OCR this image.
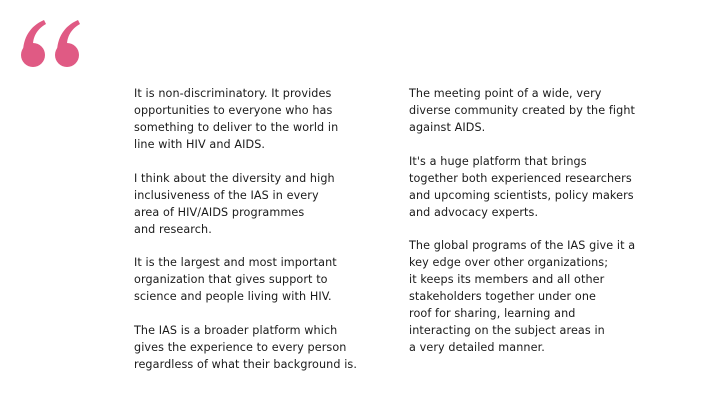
It is non-discriminatory. It provides
opportunities to everyone who has
something to deliver to the world in
line with HIV and AIDS.

I think about the diversity and high
inclusiveness of the IAS in every
area of HIV/AIDS programmes
and research.

It is the largest and most important
organization that gives support to
science and people living with HIV.

The IAS is a broader platform which
gives the experience to every person
regardless of what their background is.

The meeting point of a wide, very
diverse community created by the fight
against AIDS.

It's a huge platform that brings
together both experienced researchers
and upcoming scientists, policy makers
and advocacy experts.

The global programs of the IAS give it a
key edge over other organizations;
it keeps its members and all other
stakeholders together under one
roof for sharing, learning and
interacting on the subject areas in
a very detailed manner.
